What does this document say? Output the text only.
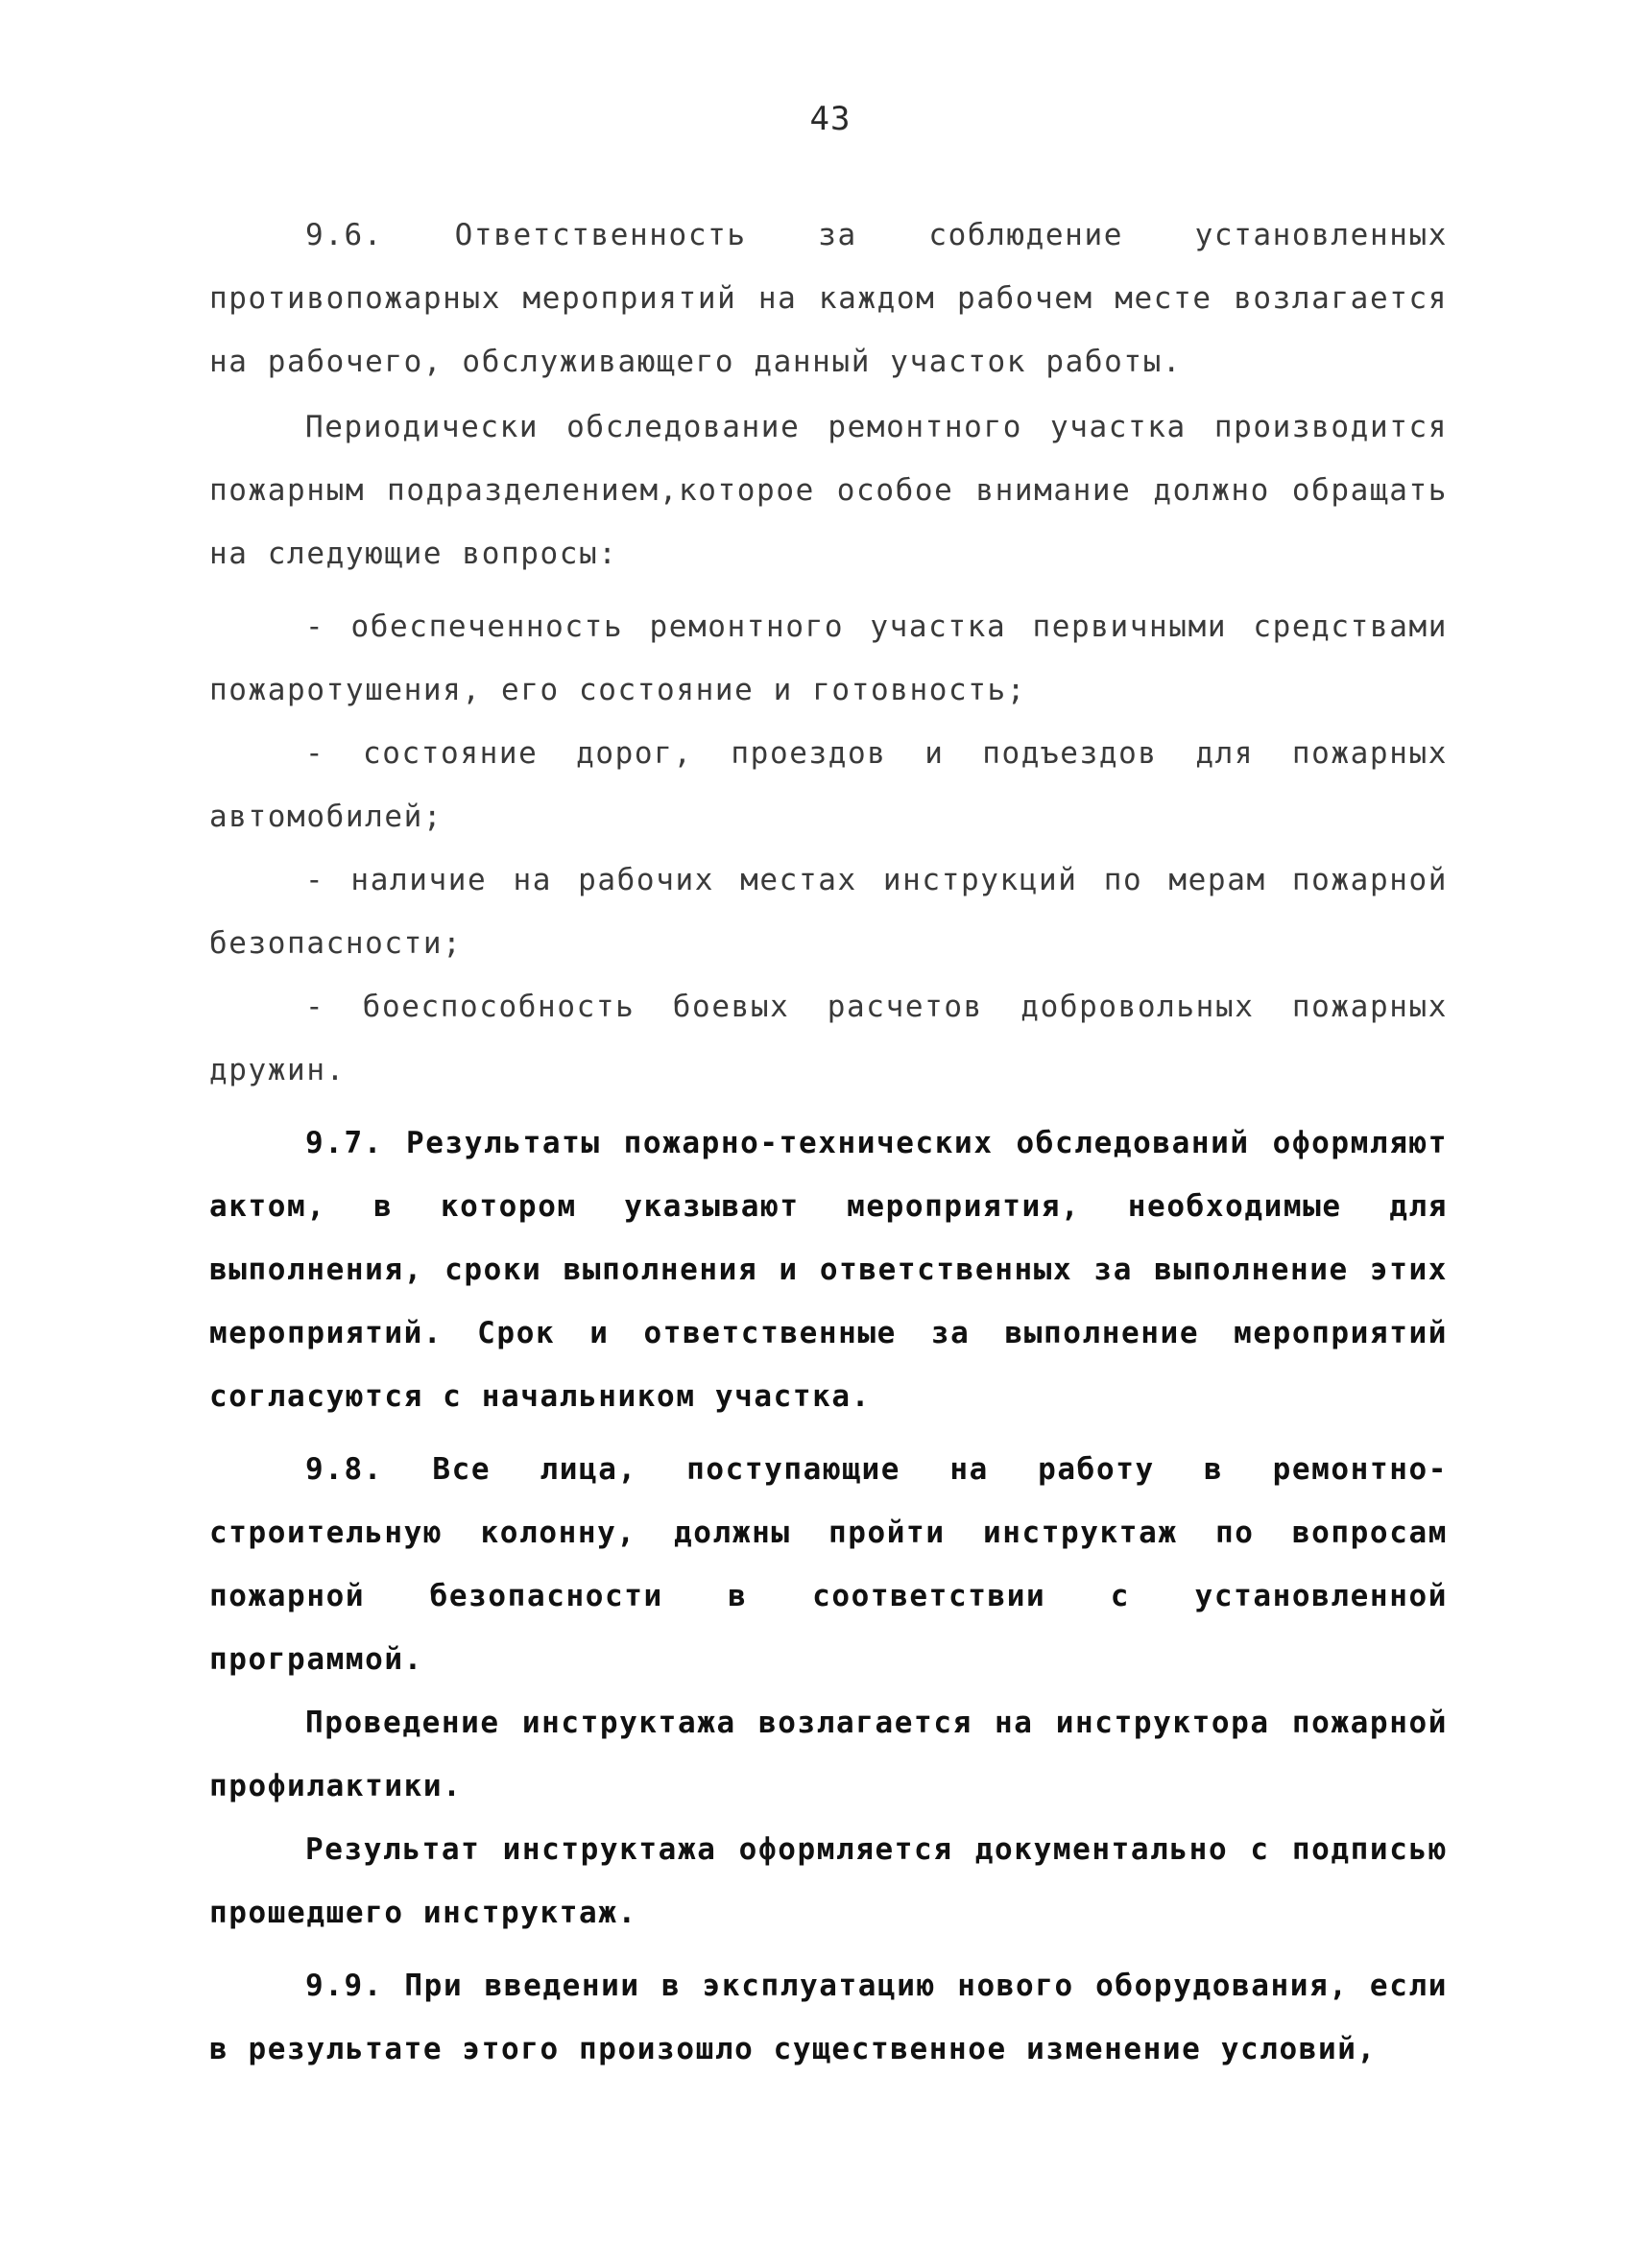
43

9.6. Ответственность за соблюдение установленных противопожарных мероприятий на каждом рабочем месте возлагается на рабочего, обслуживающего данный участок работы.

Периодически обследование ремонтного участка производится пожарным подразделением,которое особое внимание должно обращать на следующие вопросы:

- обеспеченность ремонтного участка первичными средствами пожаротушения, его состояние и готовность;

- состояние дорог, проездов и подъездов для пожарных автомобилей;

- наличие на рабочих местах инструкций по мерам пожарной безопасности;

- боеспособность боевых расчетов добровольных пожарных дружин.

9.7. Результаты пожарно-технических обследований оформляют актом, в котором указывают мероприятия, необходимые для выполнения, сроки выполнения и ответственных за выполнение этих мероприятий. Срок и ответственные за выполнение мероприятий согласуются с начальником участка.

9.8. Все лица, поступающие на работу в ремонтно-строительную колонну, должны пройти инструктаж по вопросам пожарной безопасности в соответствии с установленной программой.

Проведение инструктажа возлагается на инструктора пожарной профилактики.

Результат инструктажа оформляется документально с подписью прошедшего инструктаж.

9.9. При введении в эксплуатацию нового оборудования, если в результате этого произошло существенное изменение условий,
